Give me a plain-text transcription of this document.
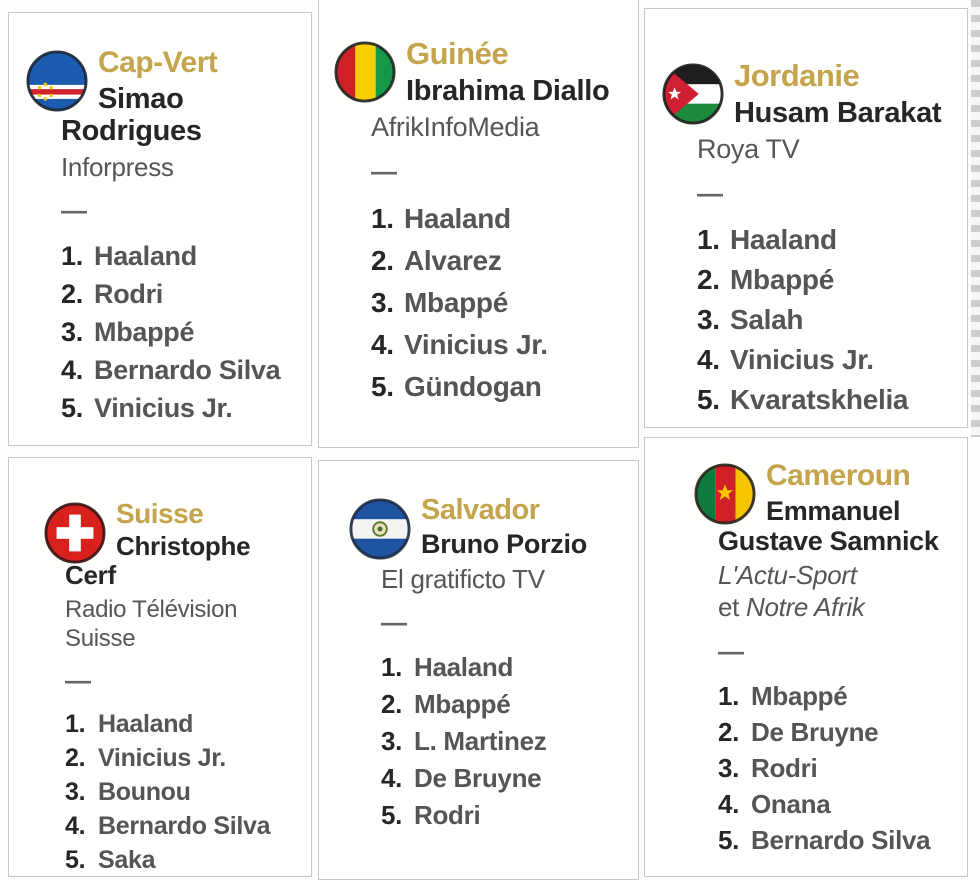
Cap-Vert
Simao Rodrigues
Inforpress
—
1. Haaland
2. Rodri
3. Mbappé
4. Bernardo Silva
5. Vinicius Jr.
Guinée
Ibrahima Diallo
AfrikInfoMedia
—
1. Haaland
2. Alvarez
3. Mbappé
4. Vinicius Jr.
5. Gündogan
Jordanie
Husam Barakat
Roya TV
—
1. Haaland
2. Mbappé
3. Salah
4. Vinicius Jr.
5. Kvaratskhelia
Suisse
Christophe Cerf
Radio Télévision Suisse
—
1. Haaland
2. Vinicius Jr.
3. Bounou
4. Bernardo Silva
5. Saka
Salvador
Bruno Porzio
El gratificto TV
—
1. Haaland
2. Mbappé
3. L. Martinez
4. De Bruyne
5. Rodri
Cameroun
Emmanuel Gustave Samnick
L'Actu-Sport
et Notre Afrik
—
1. Mbappé
2. De Bruyne
3. Rodri
4. Onana
5. Bernardo Silva
